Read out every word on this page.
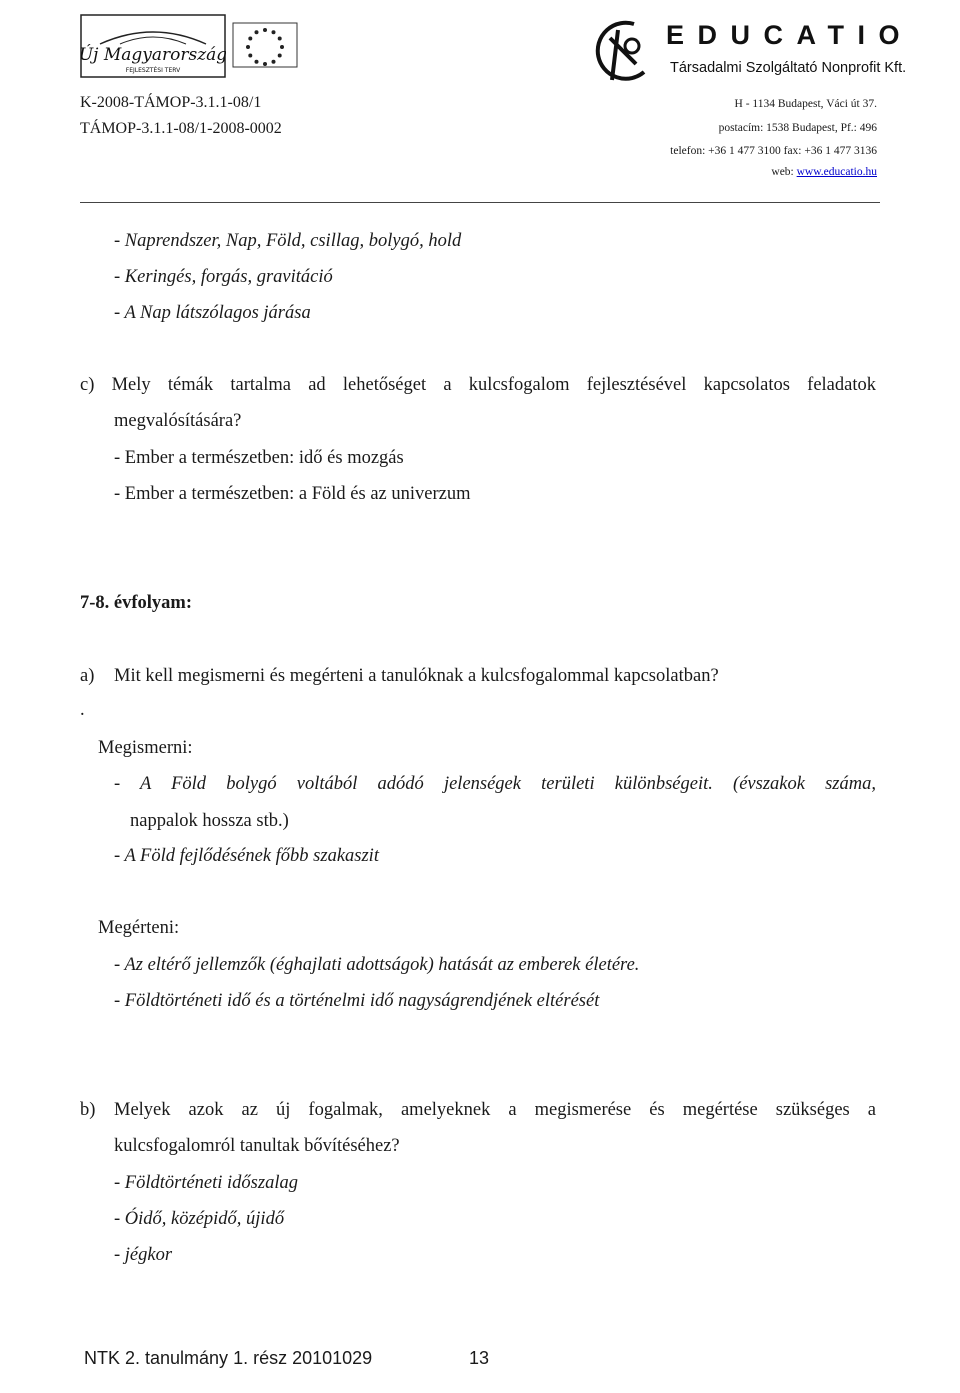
Új Magyarország
FEJLESZTÉSI TERV
EDUCATIO
Társadalmi Szolgáltató Nonprofit Kft.
K-2008-TÁMOP-3.1.1-08/1
TÁMOP-3.1.1-08/1-2008-0002
H - 1134 Budapest, Váci út 37.
postacím: 1538 Budapest, Pf.: 496
telefon: +36 1 477 3100 fax: +36 1 477 3136
web: www.educatio.hu
- Naprendszer, Nap, Föld, csillag, bolygó, hold
- Keringés, forgás, gravitáció
- A Nap látszólagos járása
c) Mely témák tartalma ad lehetőséget a kulcsfogalom fejlesztésével kapcsolatos feladatok
megvalósítására?
- Ember a természetben: idő és mozgás
- Ember a természetben: a Föld és az univerzum
7-8. évfolyam:
a) Mit kell megismerni és megérteni a tanulóknak a kulcsfogalommal kapcsolatban?
.
Megismerni:
- A Föld bolygó voltából adódó jelenségek területi különbségeit. (évszakok száma,
nappalok hossza stb.)
- A Föld fejlődésének főbb szakaszit
Megérteni:
- Az eltérő jellemzők (éghajlati adottságok) hatását az emberek életére.
- Földtörténeti idő és a történelmi idő nagyságrendjének eltérését
b) Melyek azok az új fogalmak, amelyeknek a megismerése és megértése szükséges a
kulcsfogalomról tanultak bővítéséhez?
- Földtörténeti időszalag
- Óidő, középidő, újidő
- jégkor
NTK 2. tanulmány 1. rész 20101029	13
